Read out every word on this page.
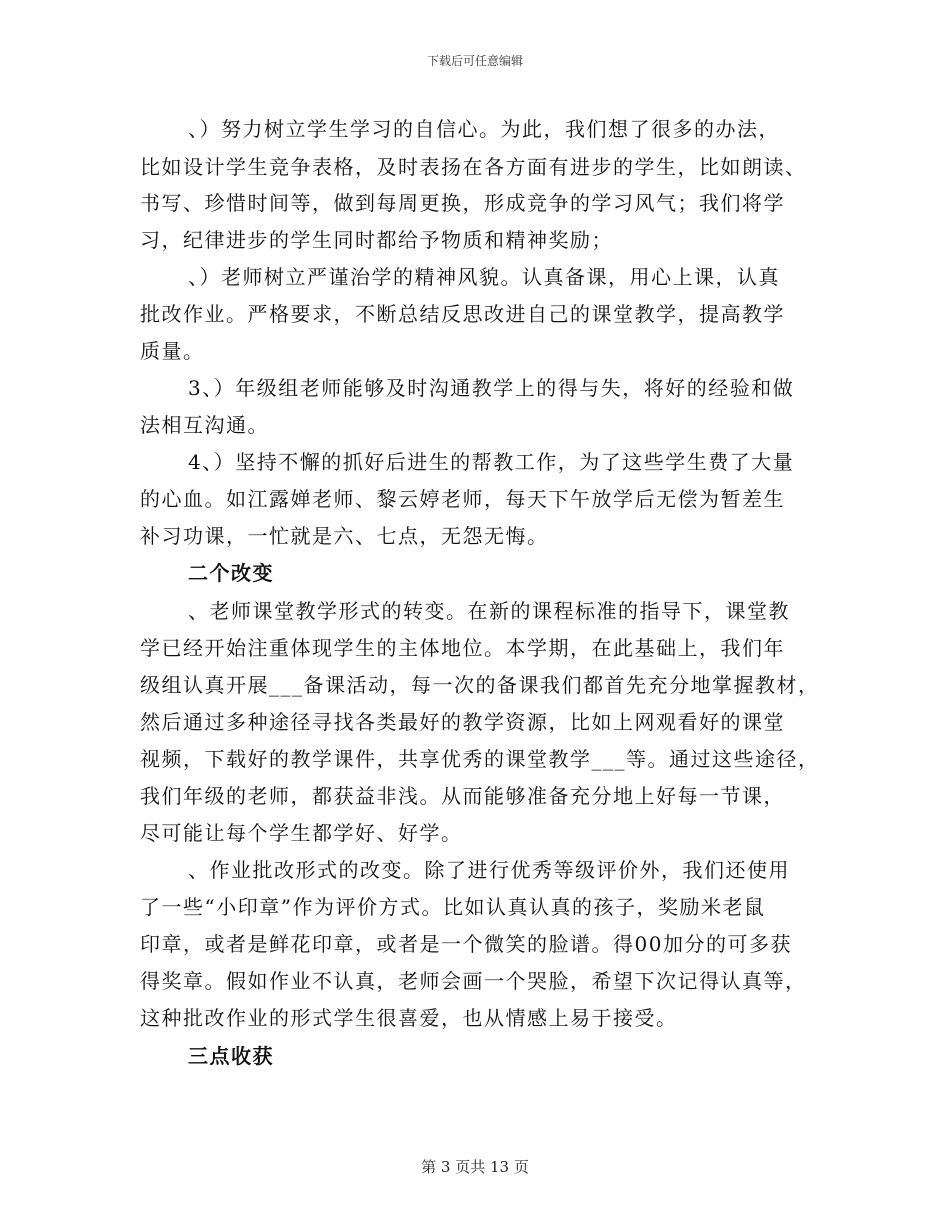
下载后可任意编辑
、）努力树立学生学习的自信心。为此，我们想了很多的办法，
比如设计学生竞争表格，及时表扬在各方面有进步的学生，比如朗读、
书写、珍惜时间等，做到每周更换，形成竞争的学习风气；我们将学
习，纪律进步的学生同时都给予物质和精神奖励；
、）老师树立严谨治学的精神风貌。认真备课，用心上课，认真
批改作业。严格要求，不断总结反思改进自己的课堂教学，提高教学
质量。
3、）年级组老师能够及时沟通教学上的得与失，将好的经验和做
法相互沟通。
4、）坚持不懈的抓好后进生的帮教工作，为了这些学生费了大量
的心血。如江露婵老师、黎云婷老师，每天下午放学后无偿为暂差生
补习功课，一忙就是六、七点，无怨无悔。
二个改变
、老师课堂教学形式的转变。在新的课程标准的指导下，课堂教
学已经开始注重体现学生的主体地位。本学期，在此基础上，我们年
级组认真开展___备课活动，每一次的备课我们都首先充分地掌握教材，
然后通过多种途径寻找各类最好的教学资源，比如上网观看好的课堂
视频，下载好的教学课件，共享优秀的课堂教学___等。通过这些途径，
我们年级的老师，都获益非浅。从而能够准备充分地上好每一节课，
尽可能让每个学生都学好、好学。
、作业批改形式的改变。除了进行优秀等级评价外，我们还使用
了一些“小印章”作为评价方式。比如认真认真的孩子，奖励米老鼠
印章，或者是鲜花印章，或者是一个微笑的脸谱。得00加分的可多获
得奖章。假如作业不认真，老师会画一个哭脸，希望下次记得认真等，
这种批改作业的形式学生很喜爱，也从情感上易于接受。
三点收获
第 3 页共 13 页
